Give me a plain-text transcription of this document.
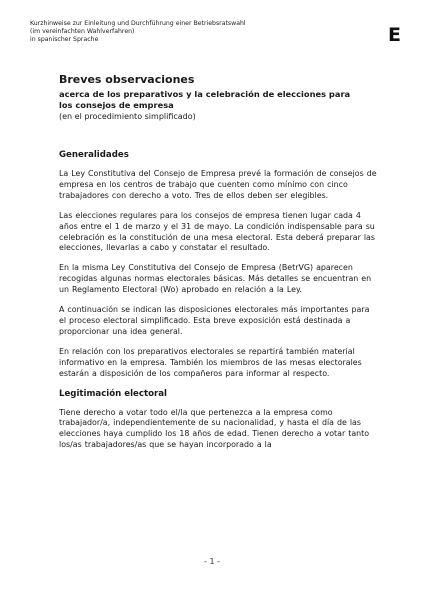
Kurzhinweise zur Einleitung und Durchführung einer Betriebsratswahl
(im vereinfachten Wahlverfahren)
in spanischer Sprache	E
Breves observaciones
acerca de los preparativos y la celebración de elecciones para
los consejos de empresa
(en el procedimiento simplificado)
Generalidades

La Ley Constitutiva del Consejo de Empresa prevé la formación de consejos de empresa en los centros de trabajo que cuenten como mínimo con cinco trabajadores con derecho a voto. Tres de ellos deben ser elegibles.

Las elecciones regulares para los consejos de empresa tienen lugar cada 4 años entre el 1 de marzo y el 31 de mayo. La condición indispensable para su celebración es la constitución de una mesa electoral. Esta deberá preparar las elecciones, llevarlas a cabo y constatar el resultado.

En la misma Ley Constitutiva del Consejo de Empresa (BetrVG) aparecen recogidas algunas normas electorales básicas. Más detalles se encuentran en un Reglamento Electoral (Wo) aprobado en relación a la Ley.

A continuación se indican las disposiciones electorales más importantes para el proceso electoral simplificado. Esta breve exposición está destinada a proporcionar una idea general.

En relación con los preparativos electorales se repartirá también material informativo en la empresa. También los miembros de las mesas electorales estarán a disposición de los compañeros para informar al respecto.

Legitimación electoral

Tiene derecho a votar todo el/la que pertenezca a la empresa como trabajador/a, independientemente de su nacionalidad, y hasta el día de las elecciones haya cumplido los 18 años de edad. Tienen derecho a votar tanto los/as trabajadores/as que se hayan incorporado a la

- 1 -
